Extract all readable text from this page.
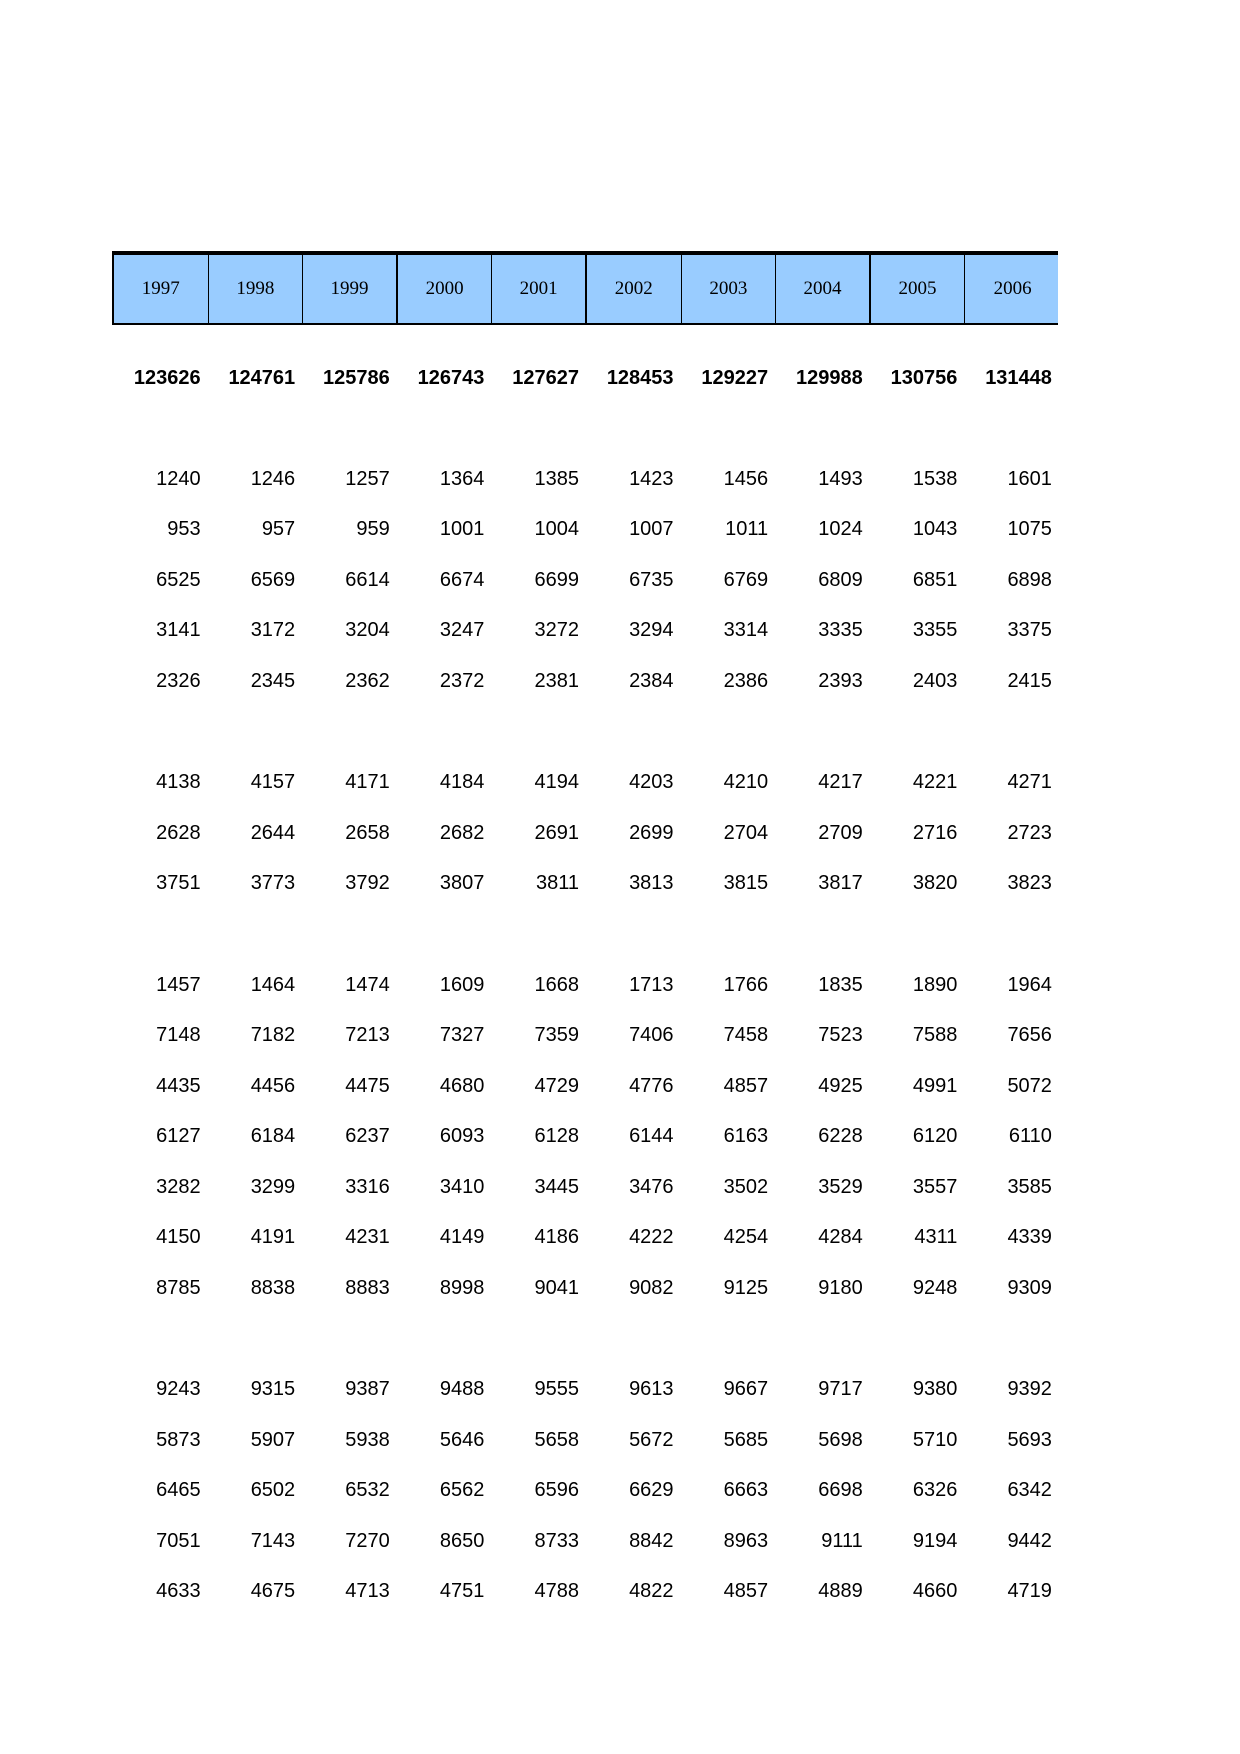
1997	1998	1999	2000	2001	2002	2003	2004	2005	2006
123626	124761	125786	126743	127627	128453	129227	129988	130756	131448
1240	1246	1257	1364	1385	1423	1456	1493	1538	1601
953	957	959	1001	1004	1007	1011	1024	1043	1075
6525	6569	6614	6674	6699	6735	6769	6809	6851	6898
3141	3172	3204	3247	3272	3294	3314	3335	3355	3375
2326	2345	2362	2372	2381	2384	2386	2393	2403	2415
4138	4157	4171	4184	4194	4203	4210	4217	4221	4271
2628	2644	2658	2682	2691	2699	2704	2709	2716	2723
3751	3773	3792	3807	3811	3813	3815	3817	3820	3823
1457	1464	1474	1609	1668	1713	1766	1835	1890	1964
7148	7182	7213	7327	7359	7406	7458	7523	7588	7656
4435	4456	4475	4680	4729	4776	4857	4925	4991	5072
6127	6184	6237	6093	6128	6144	6163	6228	6120	6110
3282	3299	3316	3410	3445	3476	3502	3529	3557	3585
4150	4191	4231	4149	4186	4222	4254	4284	4311	4339
8785	8838	8883	8998	9041	9082	9125	9180	9248	9309
9243	9315	9387	9488	9555	9613	9667	9717	9380	9392
5873	5907	5938	5646	5658	5672	5685	5698	5710	5693
6465	6502	6532	6562	6596	6629	6663	6698	6326	6342
7051	7143	7270	8650	8733	8842	8963	9111	9194	9442
4633	4675	4713	4751	4788	4822	4857	4889	4660	4719
